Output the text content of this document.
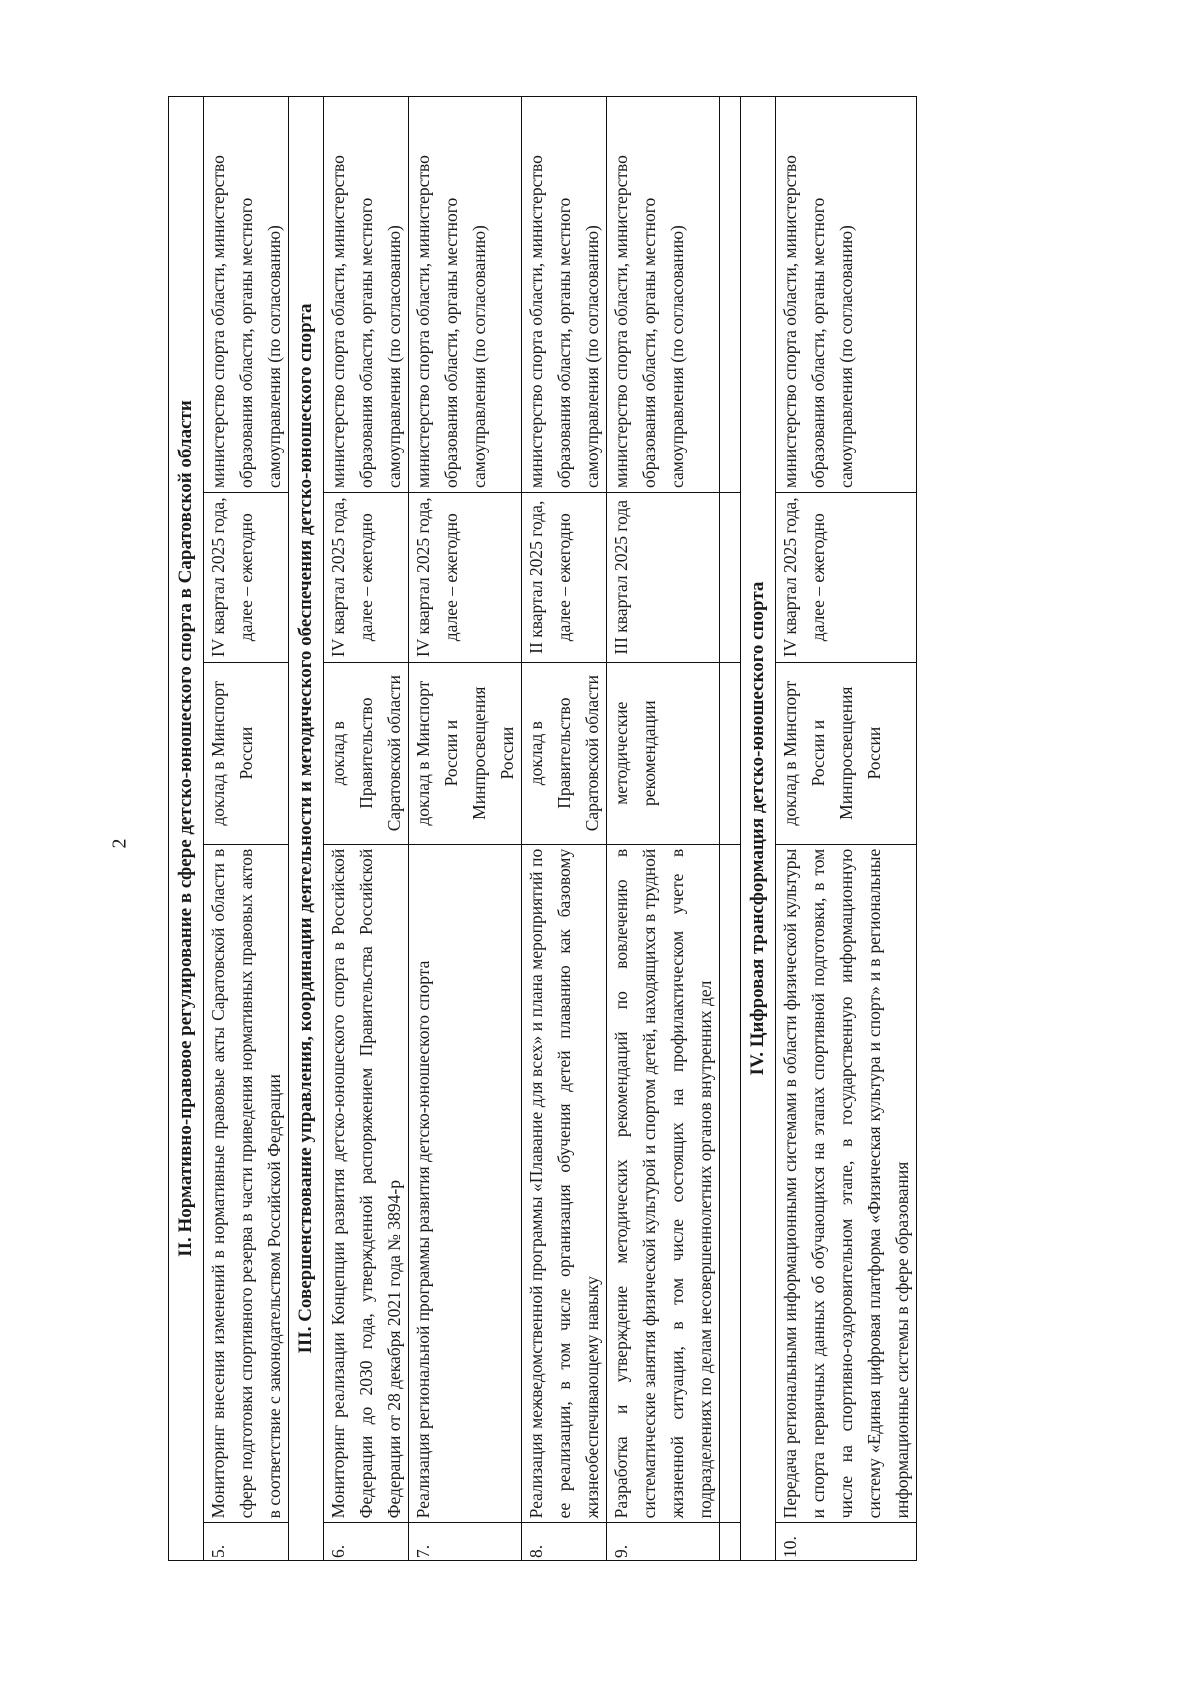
2 II. Нормативно-правовое регулирование в сфере детско-юношеского спорта в Саратовской области				
5.	Мониторинг внесения изменений в нормативные правовые акты Саратовской области в сфере подготовки спортивного резерва в части приведения нормативных правовых актов в соответствие с законодательством Российской Федерации	доклад в Минспорт России	IV квартал 2025 года, далее – ежегодно	министерство спорта области, министерство образования области, органы местного самоуправления (по согласованию)
III. Совершенствование управления, координации деятельности и методического обеспечения детско-юношеского спорта				
6.	Мониторинг реализации Концепции развития детско-юношеского спорта в Российской Федерации до 2030 года, утвержденной распоряжением Правительства Российской Федерации от 28 декабря 2021 года № 3894-р	доклад в Правительство Саратовской области	IV квартал 2025 года, далее – ежегодно	министерство спорта области, министерство образования области, органы местного самоуправления (по согласованию)
7.	Реализация региональной программы развития детско-юношеского спорта	доклад в Минспорт России и Минпросвещения России	IV квартал 2025 года, далее – ежегодно	министерство спорта области, министерство образования области, органы местного самоуправления (по согласованию)
8.	Реализация межведомственной программы «Плавание для всех» и плана мероприятий по ее реализации, в том числе организация обучения детей плаванию как базовому жизнеобеспечивающему навыку	доклад в Правительство Саратовской области	II квартал 2025 года, далее – ежегодно	министерство спорта области, министерство образования области, органы местного самоуправления (по согласованию)
9.	Разработка и утверждение методических рекомендаций по вовлечению в систематические занятия физической культурой и спортом детей, находящихся в трудной жизненной ситуации, в том числе состоящих на профилактическом учете в подразделениях по делам несовершеннолетних органов внутренних дел	методические рекомендации	III квартал 2025 года	министерство спорта области, министерство образования области, органы местного самоуправления (по согласованию)

IV. Цифровая трансформация детско-юношеского спорта				
10.	Передача региональными информационными системами в области физической культуры и спорта первичных данных об обучающихся на этапах спортивной подготовки, в том числе на спортивно-оздоровительном этапе, в государственную информационную систему «Единая цифровая платформа «Физическая культура и спорт» и в региональные информационные системы в сфере образования	доклад в Минспорт России и Минпросвещения России	IV квартал 2025 года, далее – ежегодно	министерство спорта области, министерство образования области, органы местного самоуправления (по согласованию)
